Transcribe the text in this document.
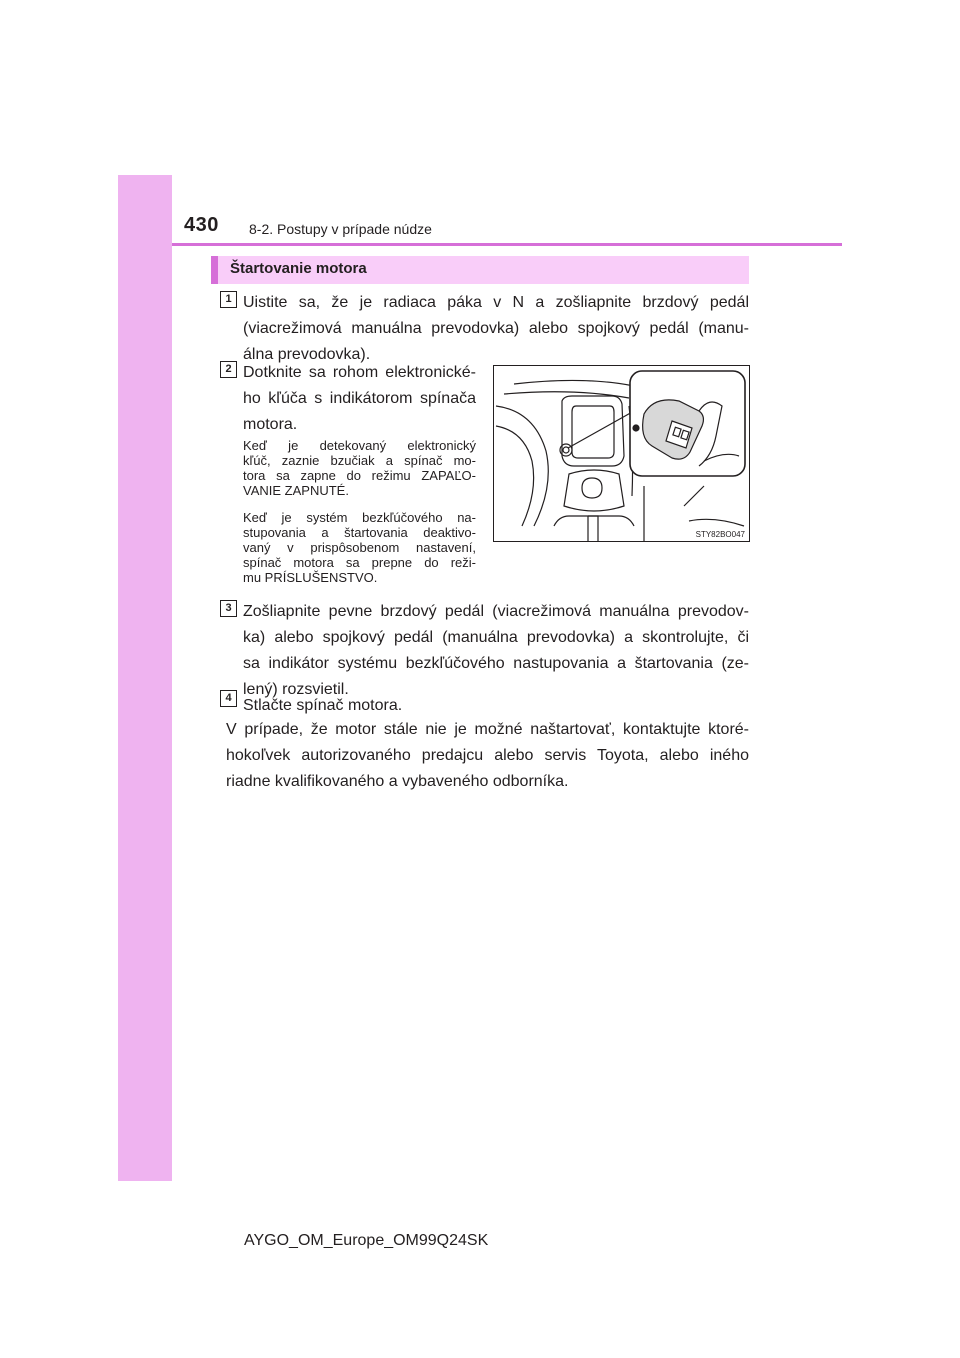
430 8-2. Postupy v prípade núdze
Štartovanie motora
1 Uistite sa, že je radiaca páka v N a zošliapnite brzdový pedál
(viacrežimová manuálna prevodovka) alebo spojkový pedál (manu-
álna prevodovka).
2 Dotknite sa rohom elektronické-
ho kľúča s indikátorom spínača
motora.
Keď je detekovaný elektronický
kľúč, zaznie bzučiak a spínač mo-
tora sa zapne do režimu ZAPAĽO-
VANIE ZAPNUTÉ.
Keď je systém bezkľúčového na-
stupovania a štartovania deaktivo-
vaný v prispôsobenom nastavení,
spínač motora sa prepne do reži-
mu PRÍSLUŠENSTVO.
STY82BO047
3 Zošliapnite pevne brzdový pedál (viacrežimová manuálna prevodov-
ka) alebo spojkový pedál (manuálna prevodovka) a skontrolujte, či
sa indikátor systému bezkľúčového nastupovania a štartovania (ze-
lený) rozsvietil.
4 Stlačte spínač motora.
V prípade, že motor stále nie je možné naštartovať, kontaktujte ktoré-
hokoľvek autorizovaného predajcu alebo servis Toyota, alebo iného
riadne kvalifikovaného a vybaveného odborníka.
AYGO_OM_Europe_OM99Q24SK
